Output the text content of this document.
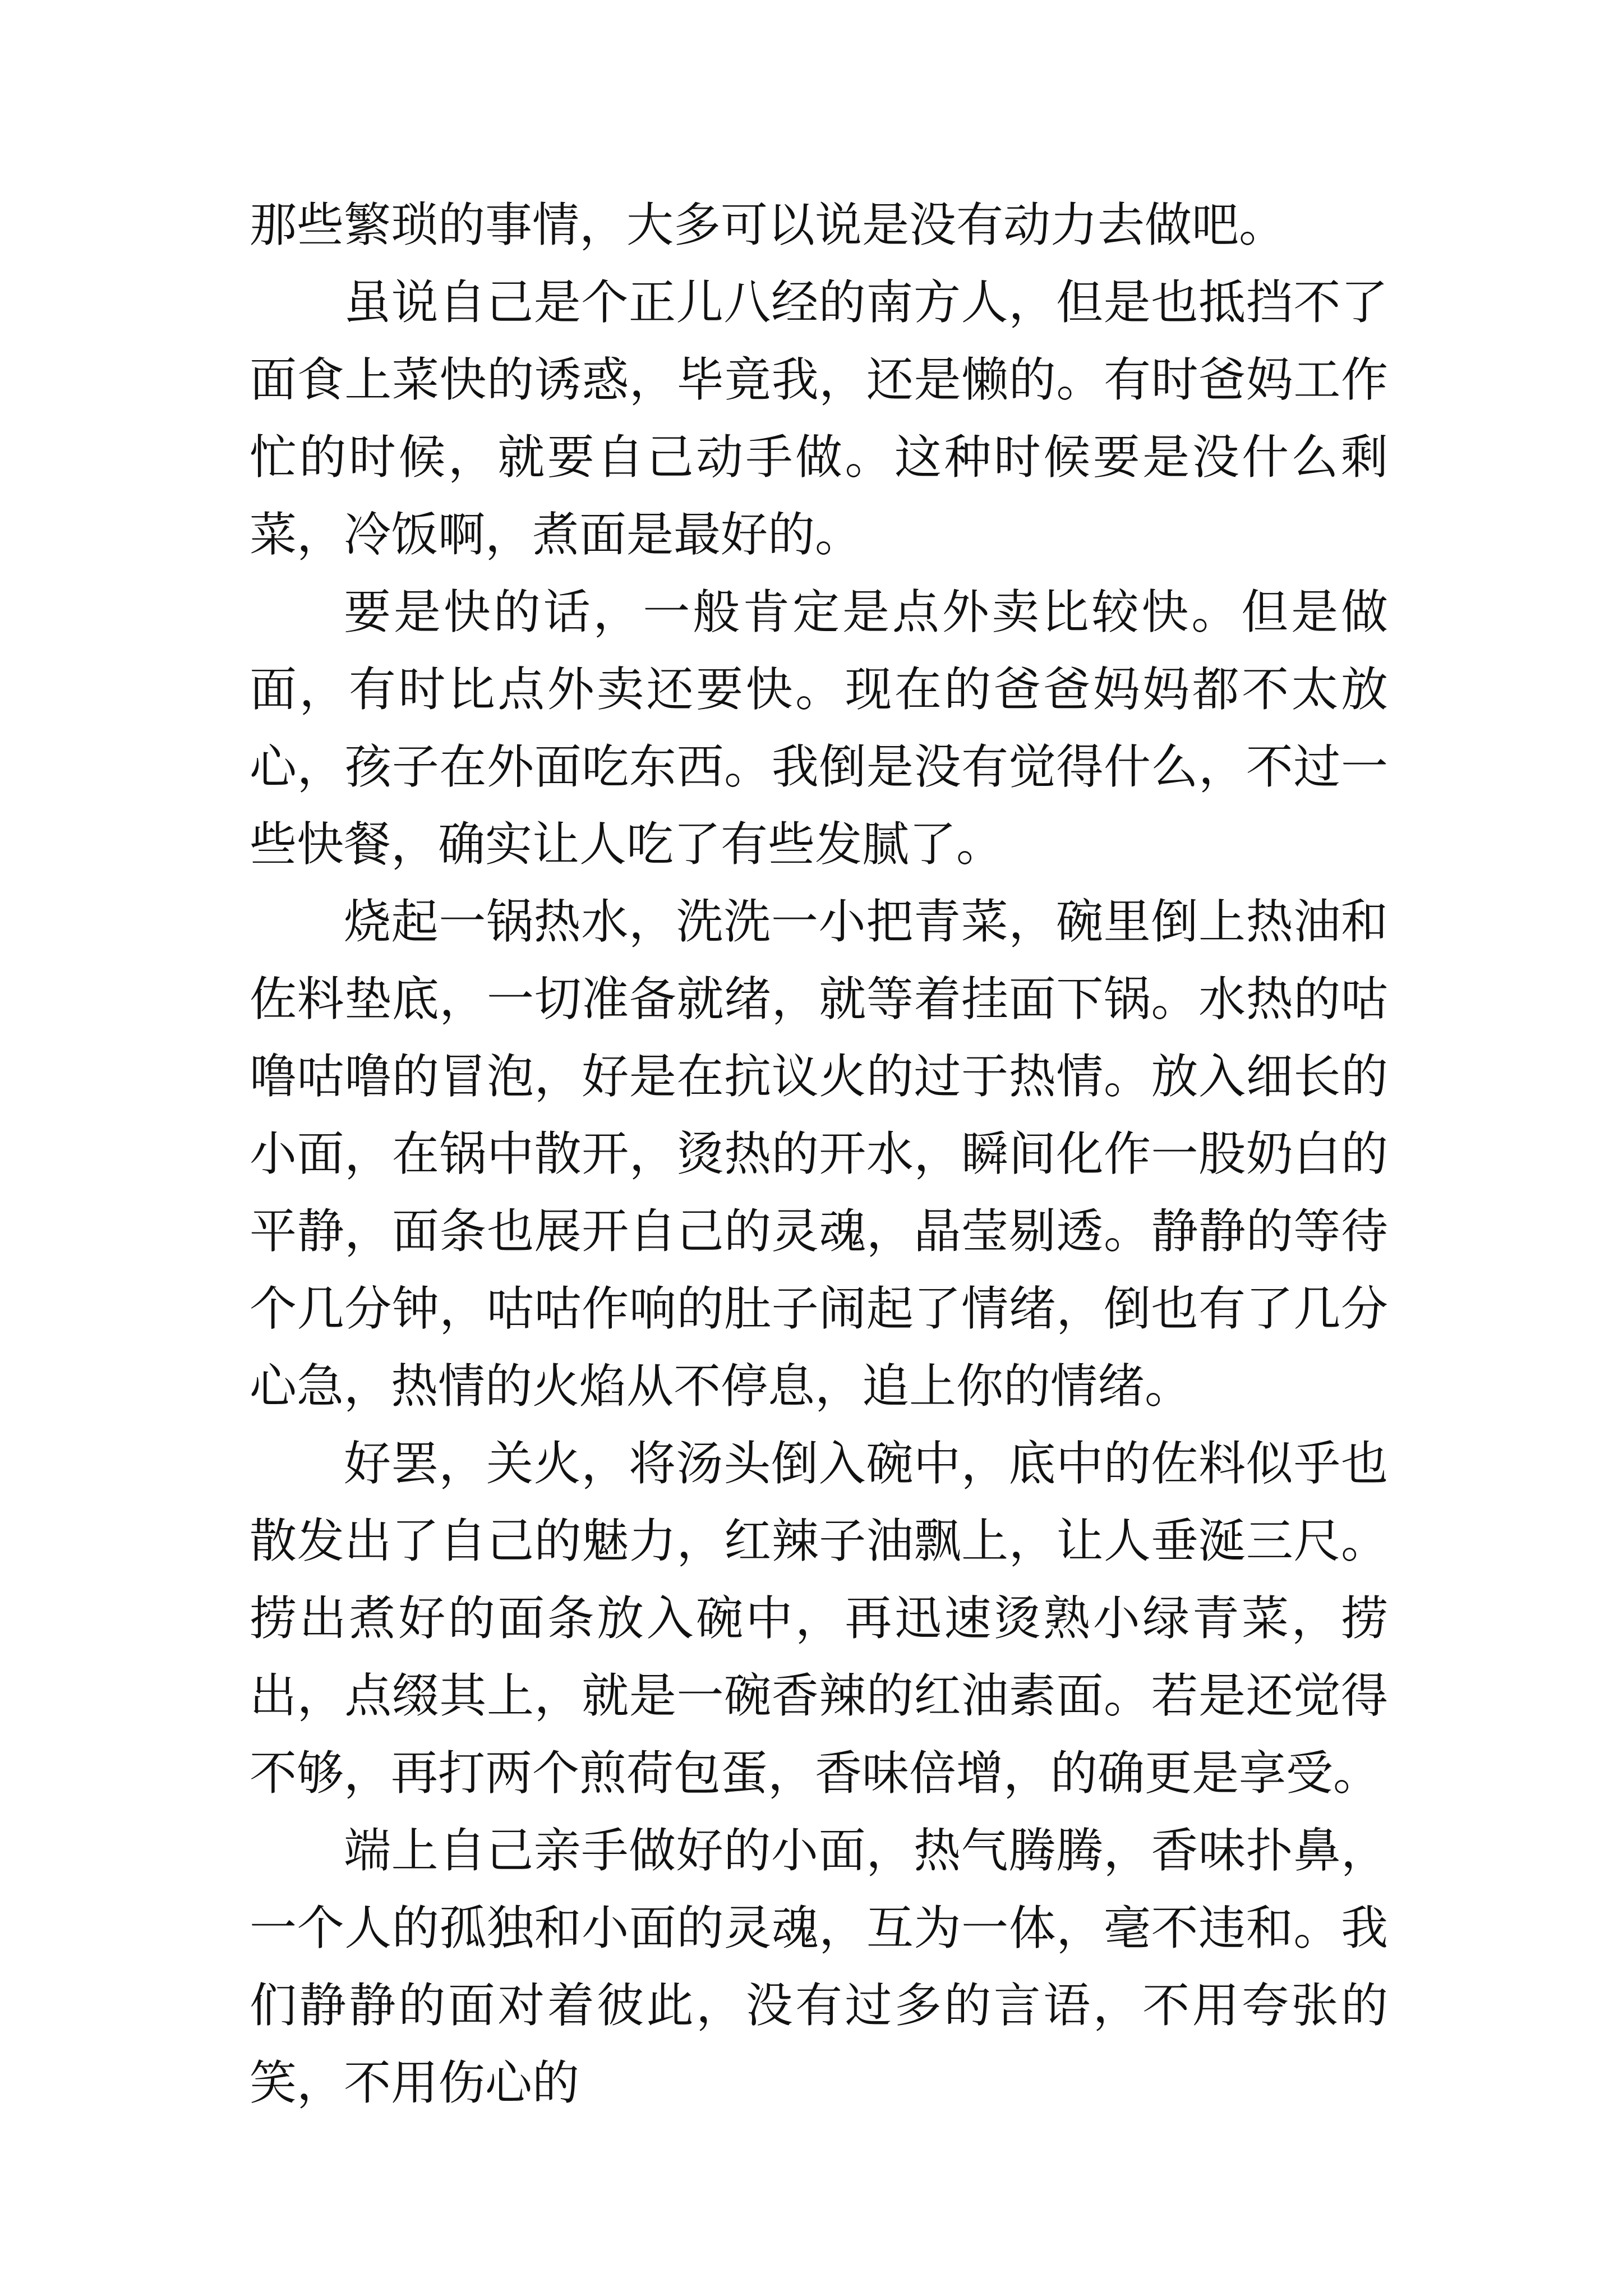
那些繁琐的事情，大多可以说是没有动力去做吧。

虽说自己是个正儿八经的南方人，但是也抵挡不了面食上菜快的诱惑，毕竟我，还是懒的。有时爸妈工作忙的时候，就要自己动手做。这种时候要是没什么剩菜，冷饭啊，煮面是最好的。

要是快的话，一般肯定是点外卖比较快。但是做面，有时比点外卖还要快。现在的爸爸妈妈都不太放心，孩子在外面吃东西。我倒是没有觉得什么，不过一些快餐，确实让人吃了有些发腻了。

烧起一锅热水，洗洗一小把青菜，碗里倒上热油和佐料垫底，一切准备就绪，就等着挂面下锅。水热的咕噜咕噜的冒泡，好是在抗议火的过于热情。放入细长的小面，在锅中散开，烫热的开水，瞬间化作一股奶白的平静，面条也展开自己的灵魂，晶莹剔透。静静的等待个几分钟，咕咕作响的肚子闹起了情绪，倒也有了几分心急，热情的火焰从不停息，追上你的情绪。

好罢，关火，将汤头倒入碗中，底中的佐料似乎也散发出了自己的魅力，红辣子油飘上，让人垂涎三尺。捞出煮好的面条放入碗中，再迅速烫熟小绿青菜，捞出，点缀其上，就是一碗香辣的红油素面。若是还觉得不够，再打两个煎荷包蛋，香味倍增，的确更是享受。

端上自己亲手做好的小面，热气腾腾，香味扑鼻，一个人的孤独和小面的灵魂，互为一体，毫不违和。我们静静的面对着彼此，没有过多的言语，不用夸张的笑，不用伤心的
